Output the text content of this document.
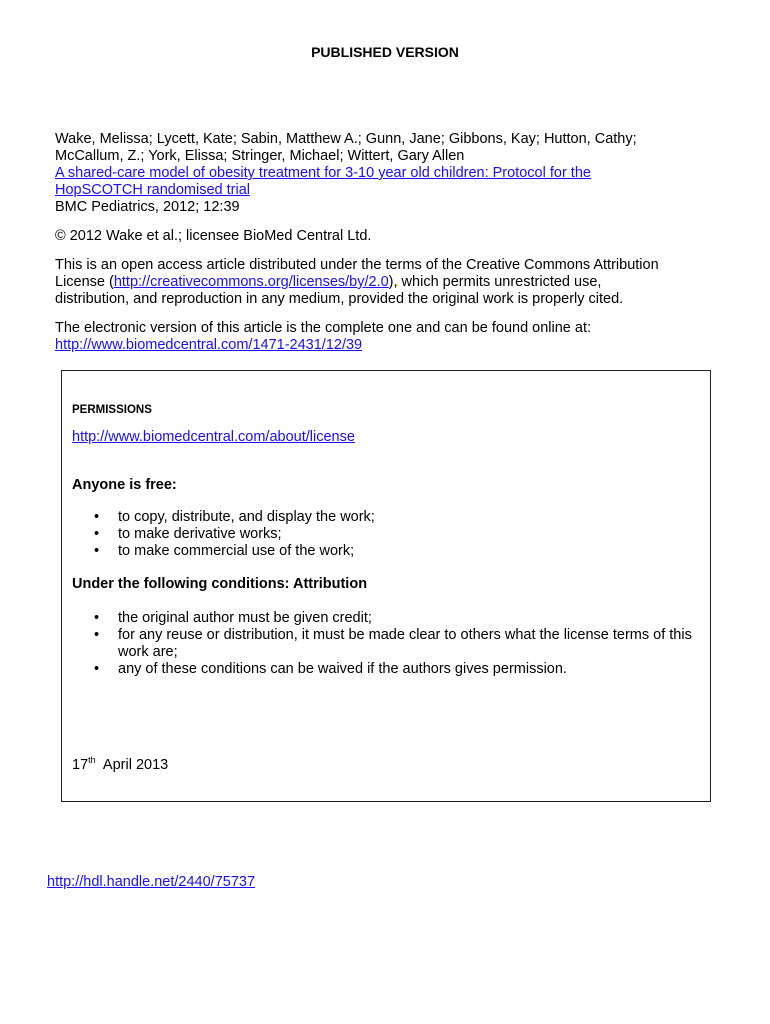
PUBLISHED VERSION
Wake, Melissa; Lycett, Kate; Sabin, Matthew A.; Gunn, Jane; Gibbons, Kay; Hutton, Cathy;
McCallum, Z.; York, Elissa; Stringer, Michael; Wittert, Gary Allen
A shared-care model of obesity treatment for 3-10 year old children: Protocol for the
HopSCOTCH randomised trial
BMC Pediatrics, 2012; 12:39
© 2012 Wake et al.; licensee BioMed Central Ltd.
This is an open access article distributed under the terms of the Creative Commons Attribution
License (http://creativecommons.org/licenses/by/2.0), which permits unrestricted use,
distribution, and reproduction in any medium, provided the original work is properly cited.
The electronic version of this article is the complete one and can be found online at:
http://www.biomedcentral.com/1471-2431/12/39
PERMISSIONS
http://www.biomedcentral.com/about/license
Anyone is free:
• to copy, distribute, and display the work;
• to make derivative works;
• to make commercial use of the work;
Under the following conditions: Attribution
• the original author must be given credit;
• for any reuse or distribution, it must be made clear to others what the license terms of this work are;
• any of these conditions can be waived if the authors gives permission.
17th April 2013
http://hdl.handle.net/2440/75737
